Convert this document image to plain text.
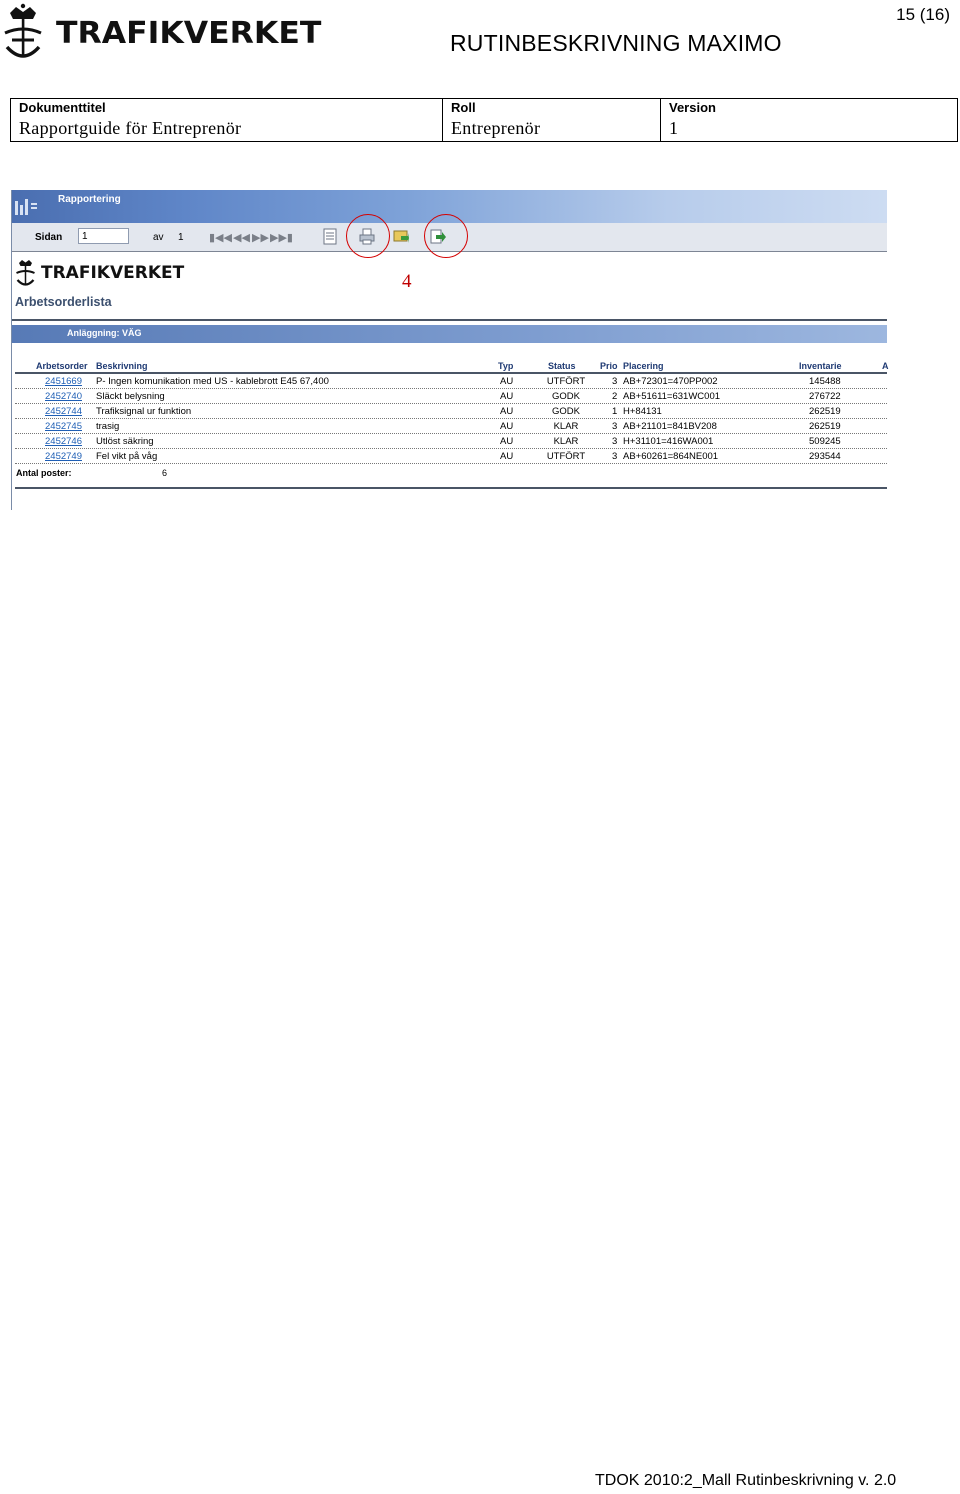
TRAFIKVERKET	RUTINBESKRIVNING MAXIMO
15 (16)
Dokumenttitel
Rapportguide för Entreprenör
Roll
Entreprenör
Version
1
Rapportering
Sidan
1	av 1 ▮◀◀ ◀◀ ▶▶ ▶▶▮
TRAFIKVERKET
Arbetsorderlista
Anläggning: VÄG
Arbetsorder Beskrivning	Typ	Status	Prio Placering	Inventarie	A
2451669 P- Ingen komunikation med US - kablebrott E45 67,400	AU	UTFÖRT	3 AB+72301=470PP002	145488
2452740 Släckt belysning	AU	GODK	2 AB+51611=631WC001	276722
2452744 Trafiksignal ur funktion	AU	GODK	1 H+84131	262519
2452745 trasig	AU	KLAR	3 AB+21101=841BV208	262519
2452746 Utlöst säkring	AU	KLAR	3 H+31101=416WA001	509245
2452749 Fel vikt på våg	AU	UTFÖRT	3 AB+60261=864NE001	293544
Antal poster:	6
4
TDOK 2010:2_Mall Rutinbeskrivning v. 2.0
